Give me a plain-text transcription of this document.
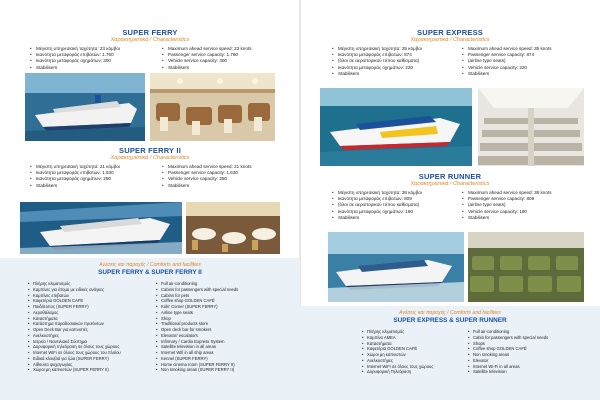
SUPER FERRY
Χαρακτηριστικά / Characteristics
• Μέγιστη υπηρεσιακή ταχύτητα: 23 κόμβοι
• Ικανότητα μεταφοράς επιβατών: 1.760
• Ικανότητα μεταφοράς οχημάτων: 300
• Stabilisers
• Maximum ahead service speed: 23 knots
• Passenger service capacity: 1.760
• Vehicle service capacity: 300
• Stabilisers
SUPER FERRY II
Χαρακτηριστικά / Characteristics
• Μέγιστη υπηρεσιακή ταχύτητα: 21 κόμβοι
• Ικανότητα μεταφοράς επιβατών: 1.630
• Ικανότητα μεταφοράς οχημάτων: 250
• Stabilisers
• Maximum ahead service speed: 21 knots
• Passenger service capacity: 1.630
• Vehicle service capacity: 250
• Stabilisers
Ανέσεις και παροχές / Comforts and facilities
SUPER FERRY & SUPER FERRY II
• Πλήρης κλιματισμός
• Καμπίνες για άτομα με ειδικές ανάγκες
• Καμπίνες επιβατών
• Καφετέρια GOLDEN CAFE
• Παιδότοπος (SUPER FERRY)
• Αεροθάλαμος
• Καταστήματα
• Κατάστημα παραδοσιακών προϊόντων
• Open Deck Bar για καπνιστές
• Ανελκυστήρες
• Ιατρείο / Ναυτιλιακό Σύστημα
• Δορυφορική τηλεόραση σε όλους τους χώρους
• Internet WiFi σε όλους τους χώρους του πλοίου
• Ειδικά κλουβιά για ζώα (SUPER FERRY)
• Αίθουσα ψυχαγωγίας
• Χώροι μη καπνιστών (SUPER FERRY II)
• Full air-conditioning
• Cabins for passengers with special needs
• Cabins for pets
• Coffee shop GOLDEN CAFÉ
• Kids' Corner (SUPER FERRY)
• Airline type seats
• Shop
• Traditional products store
• Open deck bar for smokers
• Elevator/ escalators
• Infirmary / Cardio Express System
• Satellite television in all areas
• Internet Wifi in all ship areas
• Kennel (SUPER FERRY)
• Home cinema room (SUPER FERRY II)
• Non smoking areas (SUPER FERRY II)
SUPER EXPRESS
Χαρακτηριστικά / Characteristics
• Μέγιστη υπηρεσιακή ταχύτητα: 35 κόμβοι
• Ικανότητα μεταφοράς επιβατών: 874
• (όλοι σε αεροπορικού τύπου καθίσματα)
• Ικανότητα μεταφοράς οχημάτων: 220
• Stabilisers
• Maximum ahead service speed: 35 knots
• Passenger service capacity: 874
• (airline type seats)
• Vehicle service capacity: 220
• Stabilisers
SUPER RUNNER
Χαρακτηριστικά / Characteristics
• Μέγιστη υπηρεσιακή ταχύτητα: 38 κόμβοι
• Ικανότητα μεταφοράς επιβατών: 809
• (όλοι σε αεροπορικού τύπου καθίσματα)
• Ικανότητα μεταφοράς οχημάτων: 180
• Stabilisers
• Maximum ahead service speed: 38 knots
• Passenger service capacity: 809
• (airline type seats)
• Vehicle service capacity: 180
• Stabilisers
Ανέσεις και παροχές / Comforts and facilities
SUPER EXPRESS & SUPER RUNNER
• Πλήρης κλιματισμός
• Καμπίνα ΑΜΕΑ
• Καταστήματα
• Καφετέρια GOLDEN CAFÉ
• Χώροι μη καπνιστών
• Ανελκυστήρες
• Internet WiFi σε όλους τους χώρους
• Δορυφορική Τηλεόραση
• Full air-conditioning
• Cabin for passengers with special needs
• Shops
• Coffee shop GOLDEN CAFÉ
• Non smoking areas
• Elevator
• Internet Wi-Fi in all areas
• Satellite television
